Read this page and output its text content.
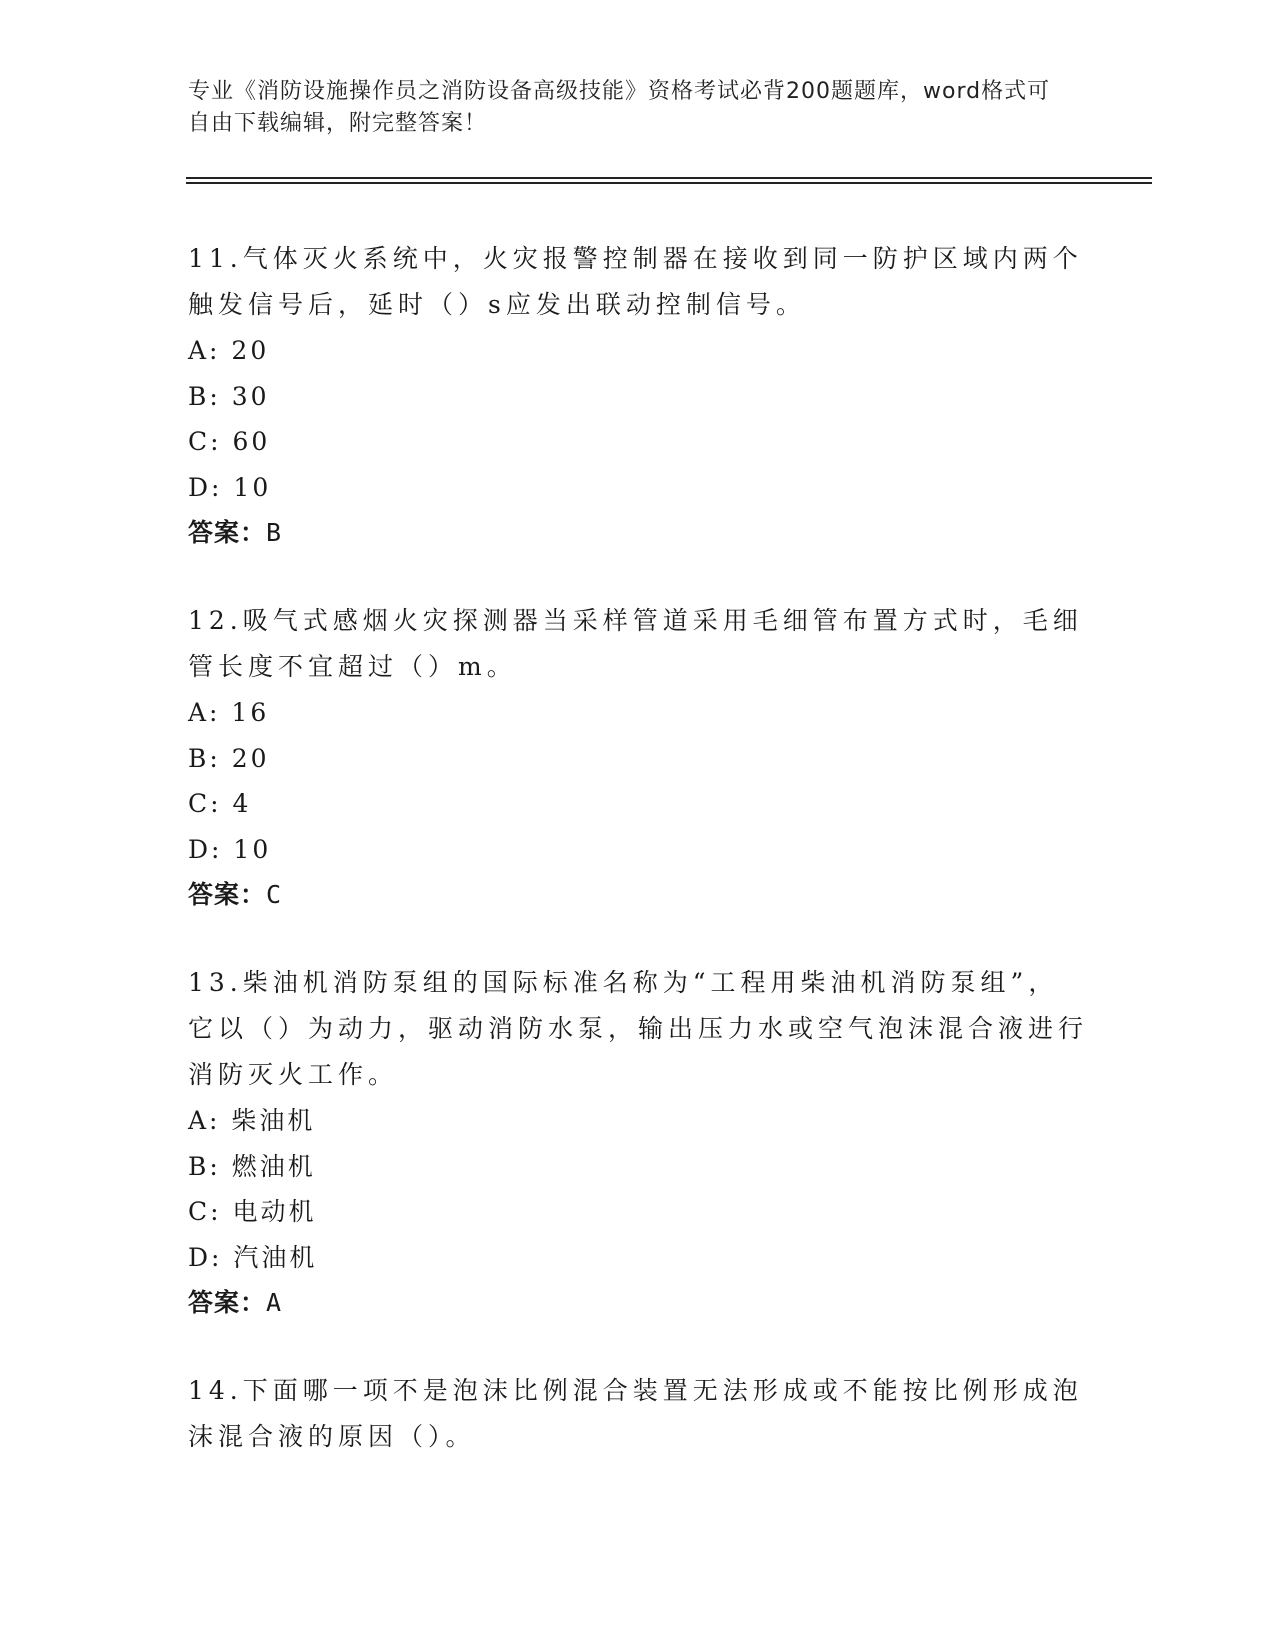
专业《消防设施操作员之消防设备高级技能》资格考试必背200题题库，word格式可自由下载编辑，附完整答案！

11.气体灭火系统中，火灾报警控制器在接收到同一防护区域内两个触发信号后，延时（）s应发出联动控制信号。

A: 20

B: 30

C: 60

D: 10

答案：B

12.吸气式感烟火灾探测器当采样管道采用毛细管布置方式时，毛细管长度不宜超过（）m。

A: 16

B: 20

C: 4

D: 10

答案：C

13.柴油机消防泵组的国际标准名称为“工程用柴油机消防泵组”，它以（）为动力，驱动消防水泵，输出压力水或空气泡沫混合液进行消防灭火工作。

A: 柴油机

B: 燃油机

C: 电动机

D: 汽油机

答案：A

14.下面哪一项不是泡沫比例混合装置无法形成或不能按比例形成泡沫混合液的原因（）。
